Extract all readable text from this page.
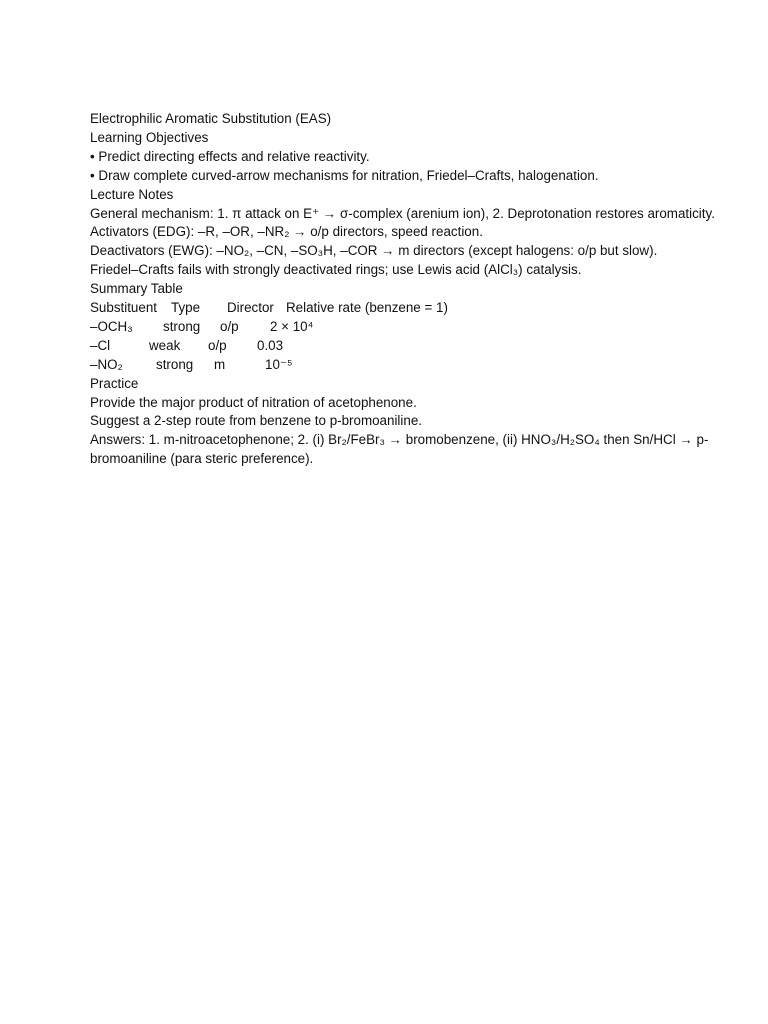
Electrophilic Aromatic Substitution (EAS)

Learning Objectives

• Predict directing effects and relative reactivity.

• Draw complete curved-arrow mechanisms for nitration, Friedel–Crafts, halogenation.

Lecture Notes

General mechanism: 1. π attack on E⁺ → σ-complex (arenium ion), 2. Deprotonation restores aromaticity.

Activators (EDG): –R, –OR, –NR₂ → o/p directors, speed reaction.

Deactivators (EWG): –NO₂, –CN, –SO₃H, –COR → m directors (except halogens: o/p but slow).

Friedel–Crafts fails with strongly deactivated rings; use Lewis acid (AlCl₃) catalysis.

Summary Table

Substituent

Type

Director

Relative rate (benzene = 1)

–OCH₃

strong

o/p

2 × 10⁴

–Cl

	weak

o/p

0.03

–NO₂

strong

m

	10⁻⁵

Practice

Provide the major product of nitration of acetophenone.

Suggest a 2-step route from benzene to p-bromoaniline.

Answers: 1. m-nitroacetophenone; 2. (i) Br₂/FeBr₃ → bromobenzene, (ii) HNO₃/H₂SO₄ then Sn/HCl → p-bromoaniline (para steric preference).
